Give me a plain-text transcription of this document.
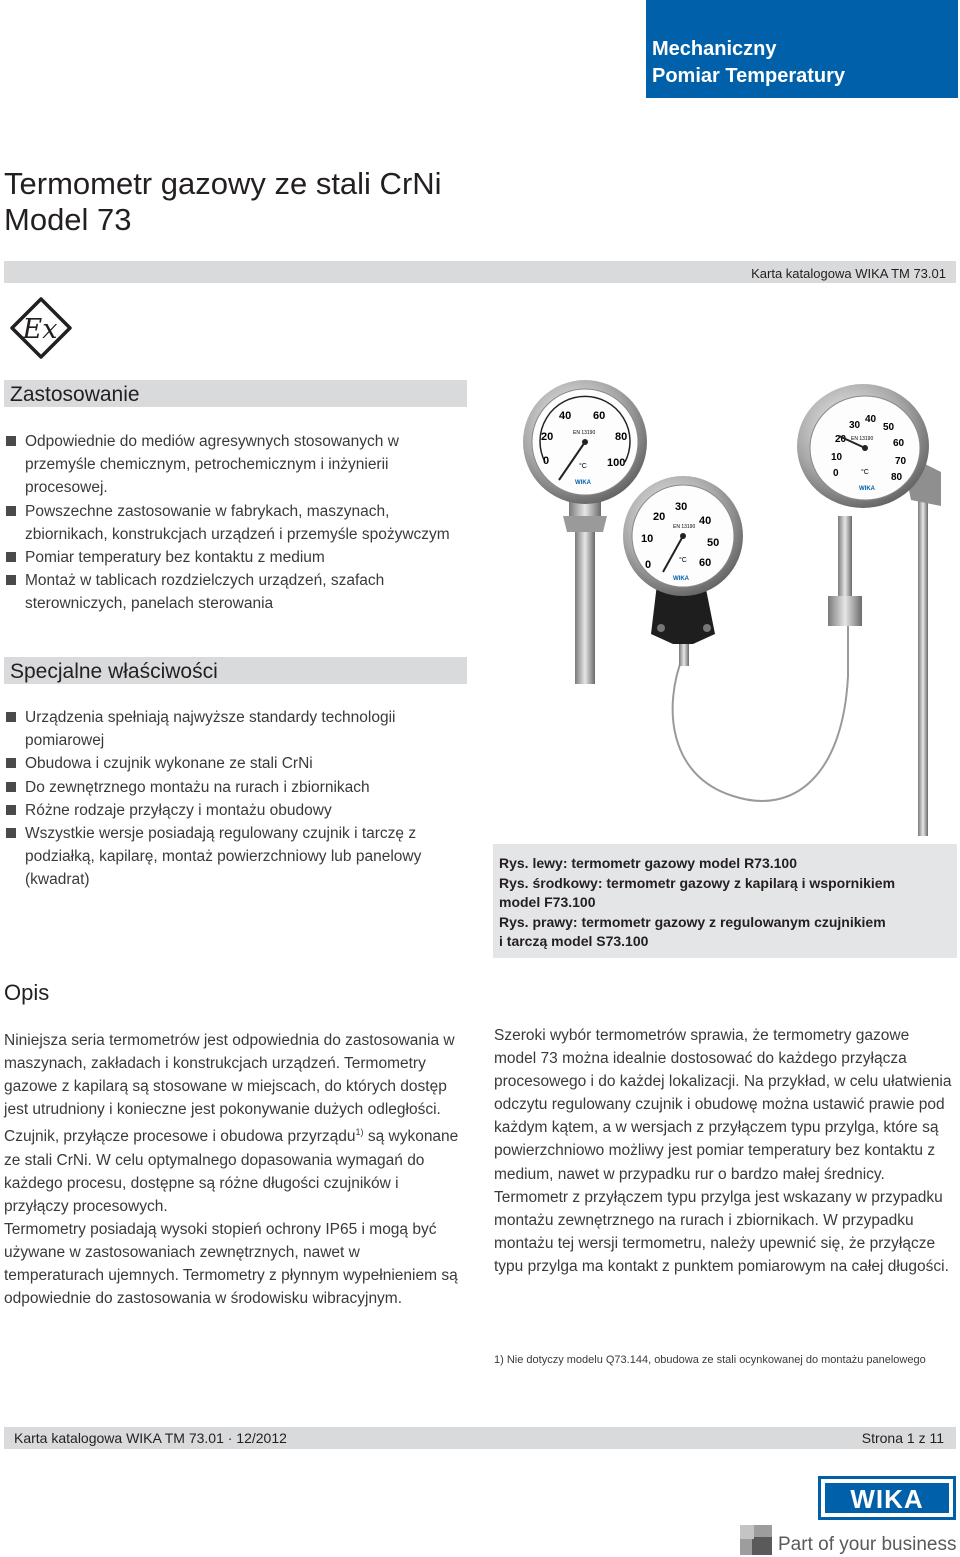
Mechaniczny
Pomiar Temperatury
Termometr gazowy ze stali CrNi
Model 73
Karta katalogowa WIKA TM 73.01
Ex
Zastosowanie
Odpowiednie do mediów agresywnych stosowanych w przemyśle chemicznym, petrochemicznym i inżynierii procesowej.
Powszechne zastosowanie w fabrykach, maszynach, zbiornikach, konstrukcjach urządzeń i przemyśle spożywczym
Pomiar temperatury bez kontaktu z medium
Montaż w tablicach rozdzielczych urządzeń, szafach sterowniczych, panelach sterowania
Specjalne właściwości
Urządzenia spełniają najwyższe standardy technologii pomiarowej
Obudowa i czujnik wykonane ze stali CrNi
Do zewnętrznego montażu na rurach i zbiornikach
Różne rodzaje przyłączy i montażu obudowy
Wszystkie wersje posiadają regulowany czujnik i tarczę z podziałką, kapilarę, montaż powierzchniowy lub panelowy (kwadrat)
0
20
40 60
80
100
EN 13190
°C
WIKA
0
10
20
30
40
50
60
70
80
EN 13190
°C
WIKA
0
10
20
30
40
50
60
EN 13190
°C
WIKA
Rys. lewy: termometr gazowy model R73.100
Rys. środkowy: termometr gazowy z kapilarą i wspornikiem
model F73.100
Rys. prawy: termometr gazowy z regulowanym czujnikiem
i tarczą model S73.100
Opis

Niniejsza seria termometrów jest odpowiednia do zastosowania w maszynach, zakładach i konstrukcjach urządzeń. Termometry gazowe z kapilarą są stosowane w miejscach, do których dostęp jest utrudniony i konieczne jest pokonywanie dużych odległości.

Czujnik, przyłącze procesowe i obudowa przyrządu$^{1)}$ są wykonane ze stali CrNi. W celu optymalnego dopasowania wymagań do każdego procesu, dostępne są różne długości czujników i przyłączy procesowych.

Termometry posiadają wysoki stopień ochrony IP65 i mogą być używane w zastosowaniach zewnętrznych, nawet w temperaturach ujemnych. Termometry z płynnym wypełnieniem są odpowiednie do zastosowania w środowisku wibracyjnym.

Szeroki wybór termometrów sprawia, że termometry gazowe model 73 można idealnie dostosować do każdego przyłącza procesowego i do każdej lokalizacji. Na przykład, w celu ułatwienia odczytu regulowany czujnik i obudowę można ustawić prawie pod każdym kątem, a w wersjach z przyłączem typu przylga, które są powierzchniowo możliwy jest pomiar temperatury bez kontaktu z medium, nawet w przypadku rur o bardzo małej średnicy. Termometr z przyłączem typu przylga jest wskazany w przypadku montażu zewnętrznego na rurach i zbiornikach. W przypadku montażu tej wersji termometru, należy upewnić się, że przyłącze typu przylga ma kontakt z punktem pomiarowym na całej długości.

1) Nie dotyczy modelu Q73.144, obudowa ze stali ocynkowanej do montażu panelowego
Karta katalogowa WIKA TM 73.01 · 12/2012	Strona 1 z 11
WIKA
Part of your business
